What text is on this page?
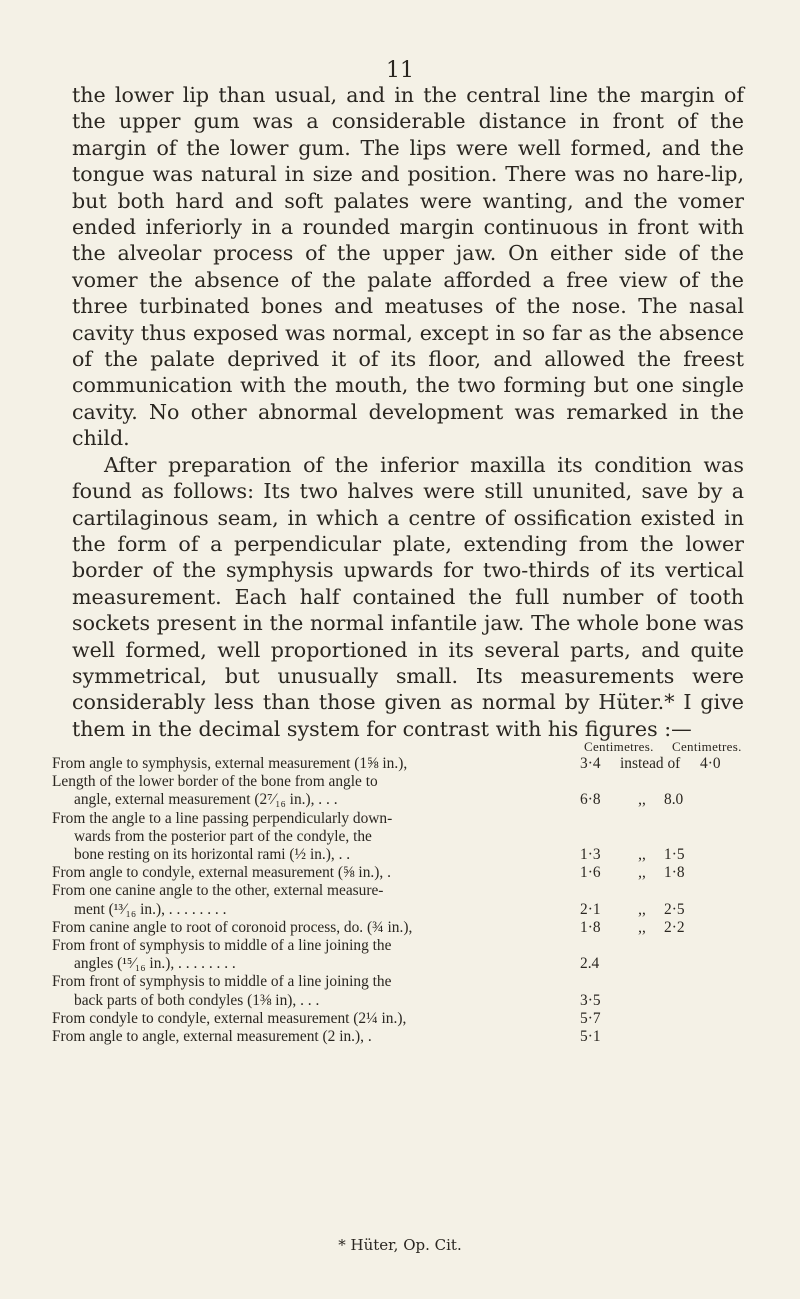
11

the lower lip than usual, and in the central line the margin of the upper gum was a considerable distance in front of the margin of the lower gum. The lips were well formed, and the tongue was natural in size and position. There was no hare-lip, but both hard and soft palates were wanting, and the vomer ended inferiorly in a rounded margin continuous in front with the alveolar process of the upper jaw. On either side of the vomer the absence of the palate afforded a free view of the three turbinated bones and meatuses of the nose. The nasal cavity thus exposed was normal, except in so far as the absence of the palate deprived it of its floor, and allowed the freest communication with the mouth, the two forming but one single cavity. No other abnormal development was remarked in the child.

After preparation of the inferior maxilla its condition was found as follows: Its two halves were still ununited, save by a cartilaginous seam, in which a centre of ossification existed in the form of a perpendicular plate, extending from the lower border of the symphysis upwards for two-thirds of its vertical measurement. Each half contained the full number of tooth sockets present in the normal infantile jaw. The whole bone was well formed, well proportioned in its several parts, and quite symmetrical, but unusually small. Its measurements were considerably less than those given as normal by Hüter.* I give them in the decimal system for contrast with his figures :—

Centimetres.	Centimetres.
From angle to symphysis, external measurement (1⅝ in.),	3·4	instead of	4·0
Length of the lower border of the bone from angle to
angle, external measurement (2⁷⁄₁₆ in.), . . .	6·8	,,	8.0
From the angle to a line passing perpendicularly down-
wards from the posterior part of the condyle, the
bone resting on its horizontal rami (½ in.), . .	1·3	,,	1·5
From angle to condyle, external measurement (⅝ in.), .	1·6	,,	1·8
From one canine angle to the other, external measure-
ment (¹³⁄₁₆ in.), . . . . . . . .	2·1	,,	2·5
From canine angle to root of coronoid process, do. (¾ in.),	1·8	,,	2·2
From front of symphysis to middle of a line joining the
angles (¹⁵⁄₁₆ in.), . . . . . . . .	2.4
From front of symphysis to middle of a line joining the
back parts of both condyles (1⅜ in), . . .	3·5
From condyle to condyle, external measurement (2¼ in.),	5·7
From angle to angle, external measurement (2 in.), .	5·1
* Hüter, Op. Cit.
